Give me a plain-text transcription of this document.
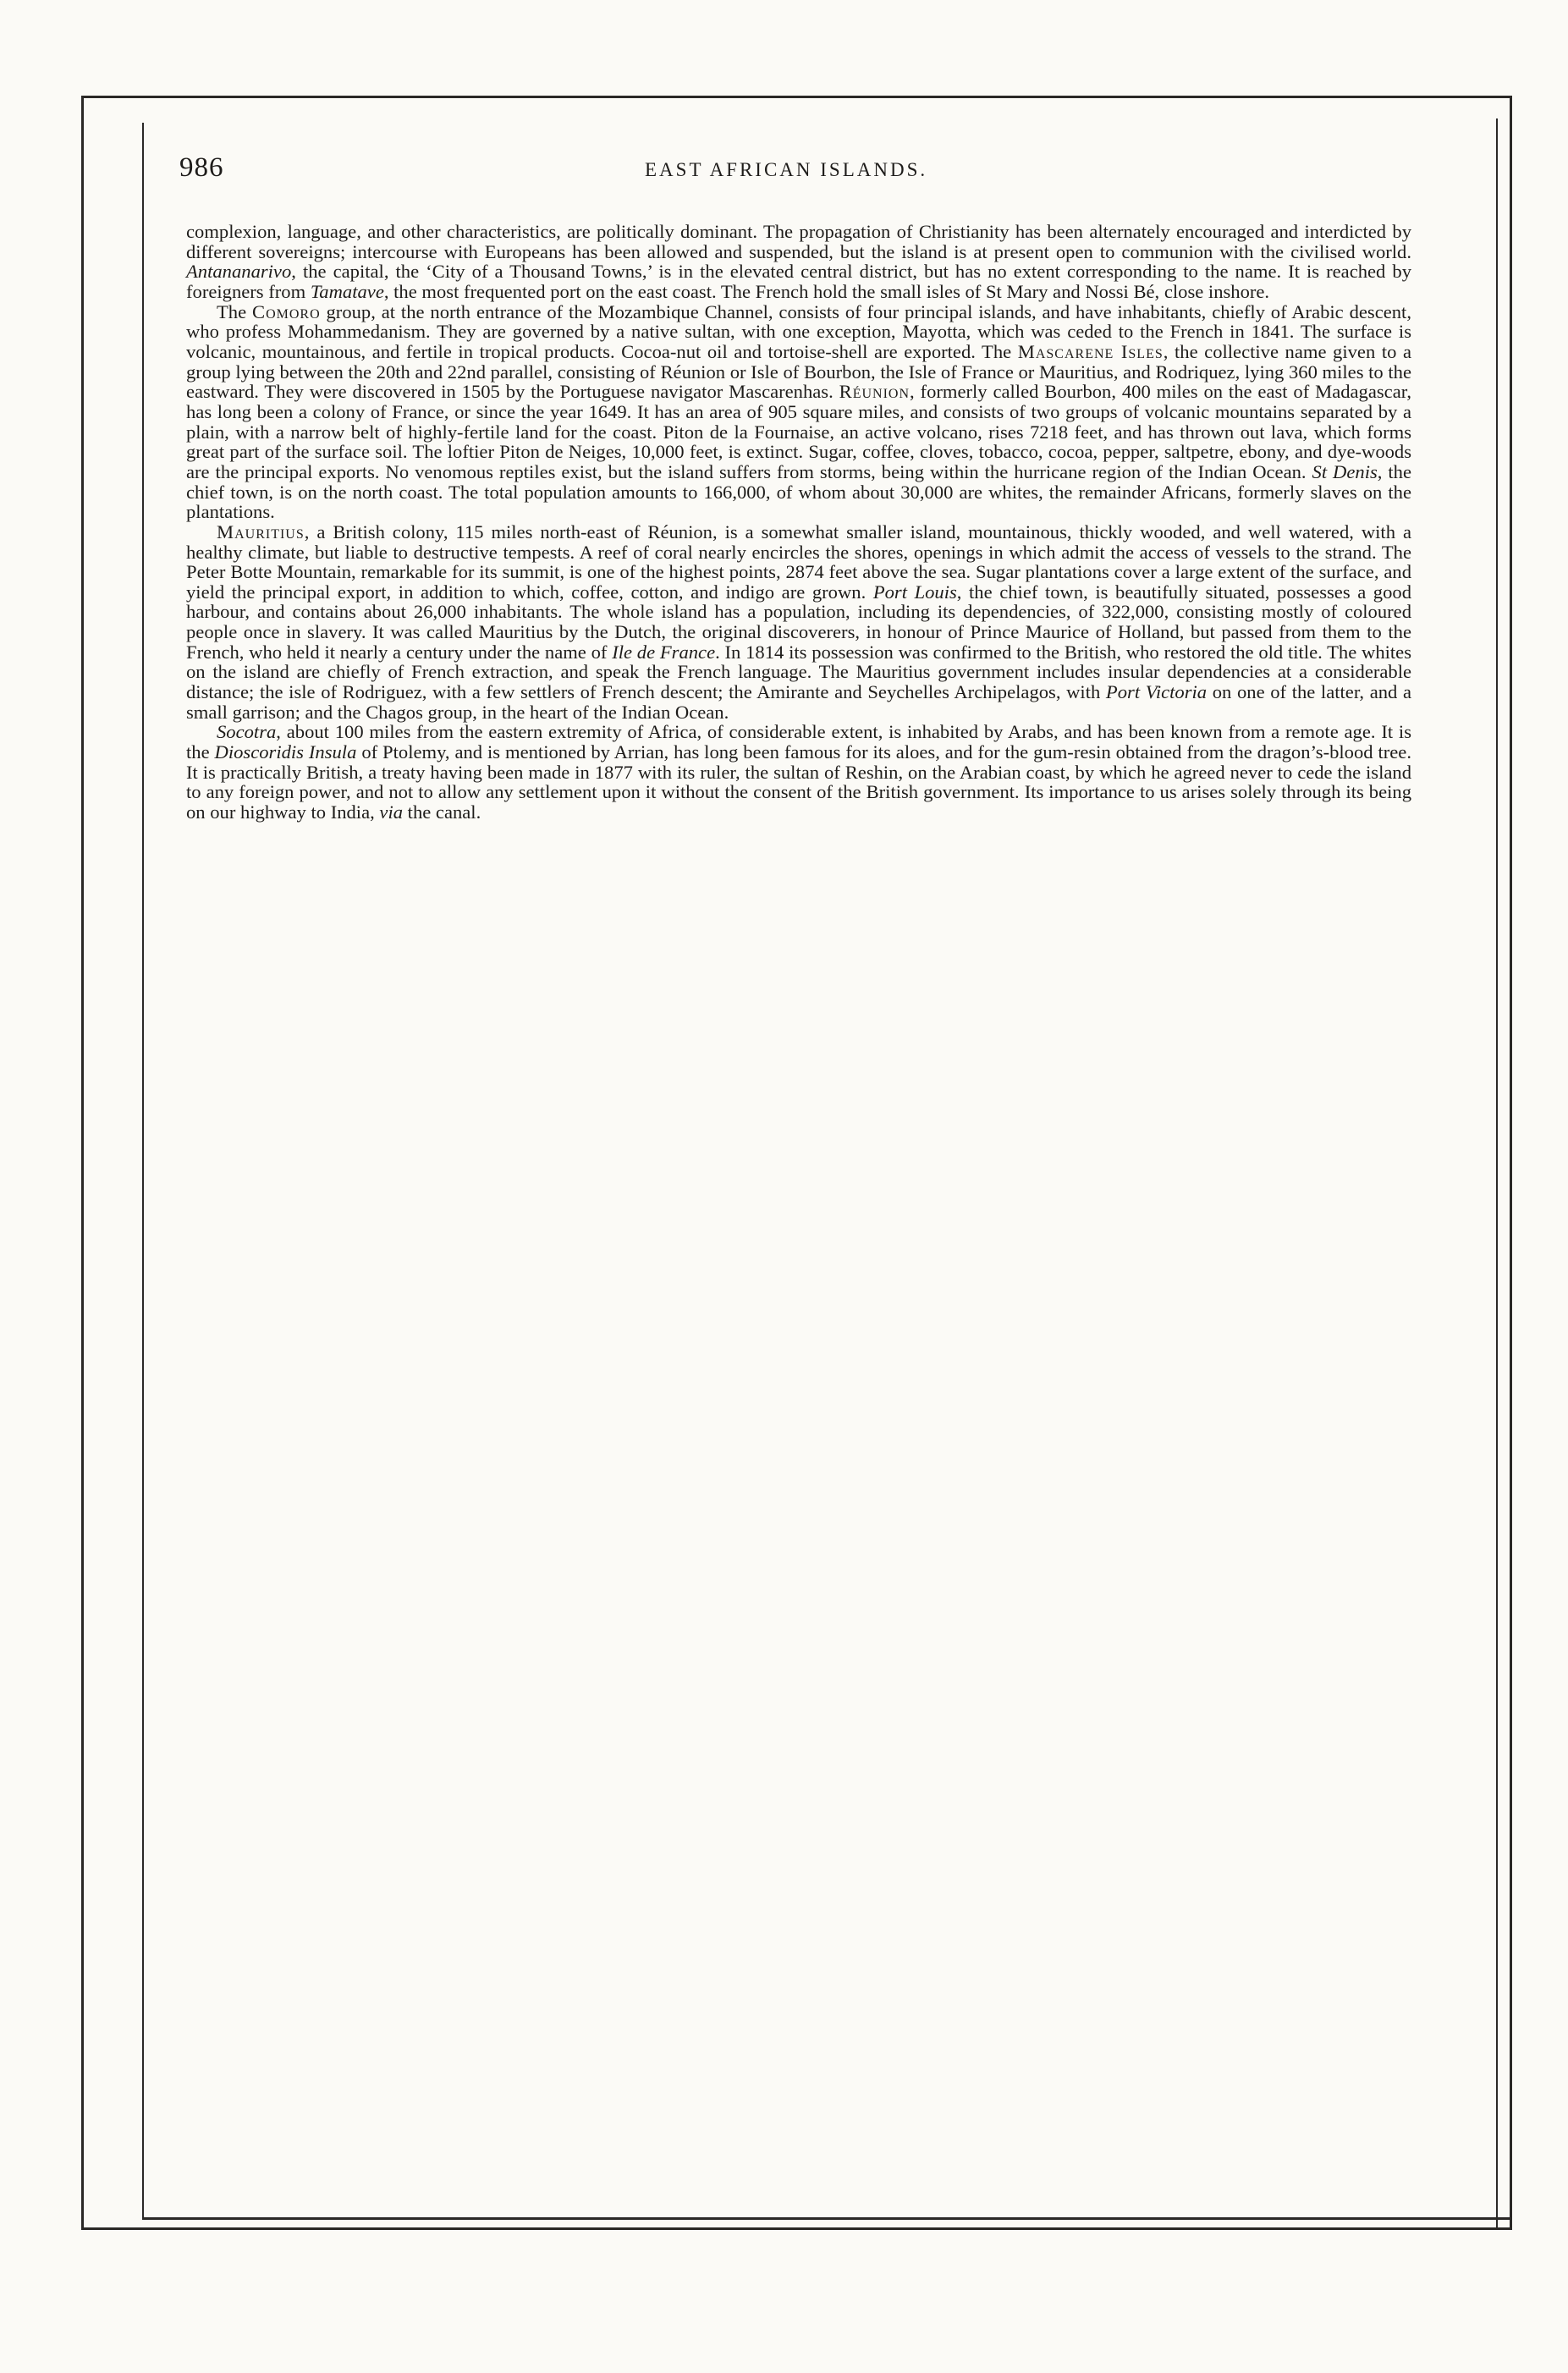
986	EAST AFRICAN ISLANDS.

complexion, language, and other characteristics, are politically dominant. The propagation of Christianity has been alternately encouraged and interdicted by different sovereigns; intercourse with Europeans has been allowed and suspended, but the island is at present open to communion with the civilised world. Antananarivo, the capital, the ‘City of a Thousand Towns,’ is in the elevated central district, but has no extent corresponding to the name. It is reached by foreigners from Tamatave, the most frequented port on the east coast. The French hold the small isles of St Mary and Nossi Bé, close inshore.

The Comoro group, at the north entrance of the Mozambique Channel, consists of four principal islands, and have inhabitants, chiefly of Arabic descent, who profess Mohammedanism. They are governed by a native sultan, with one exception, Mayotta, which was ceded to the French in 1841. The surface is volcanic, mountainous, and fertile in tropical products. Cocoa-nut oil and tortoise-shell are exported. The Mascarene Isles, the collective name given to a group lying between the 20th and 22nd parallel, consisting of Réunion or Isle of Bourbon, the Isle of France or Mauritius, and Rodriquez, lying 360 miles to the eastward. They were discovered in 1505 by the Portuguese navigator Mascarenhas. Réunion, formerly called Bourbon, 400 miles on the east of Madagascar, has long been a colony of France, or since the year 1649. It has an area of 905 square miles, and consists of two groups of volcanic mountains separated by a plain, with a narrow belt of highly-fertile land for the coast. Piton de la Fournaise, an active volcano, rises 7218 feet, and has thrown out lava, which forms great part of the surface soil. The loftier Piton de Neiges, 10,000 feet, is extinct. Sugar, coffee, cloves, tobacco, cocoa, pepper, saltpetre, ebony, and dye-woods are the principal exports. No venomous reptiles exist, but the island suffers from storms, being within the hurricane region of the Indian Ocean. St Denis, the chief town, is on the north coast. The total population amounts to 166,000, of whom about 30,000 are whites, the remainder Africans, formerly slaves on the plantations.

Mauritius, a British colony, 115 miles north-east of Réunion, is a somewhat smaller island, mountainous, thickly wooded, and well watered, with a healthy climate, but liable to destructive tempests. A reef of coral nearly encircles the shores, openings in which admit the access of vessels to the strand. The Peter Botte Mountain, remarkable for its summit, is one of the highest points, 2874 feet above the sea. Sugar plantations cover a large extent of the surface, and yield the principal export, in addition to which, coffee, cotton, and indigo are grown. Port Louis, the chief town, is beautifully situated, possesses a good harbour, and contains about 26,000 inhabitants. The whole island has a population, including its dependencies, of 322,000, consisting mostly of coloured people once in slavery. It was called Mauritius by the Dutch, the original discoverers, in honour of Prince Maurice of Holland, but passed from them to the French, who held it nearly a century under the name of Ile de France. In 1814 its possession was confirmed to the British, who restored the old title. The whites on the island are chiefly of French extraction, and speak the French language. The Mauritius government includes insular dependencies at a considerable distance; the isle of Rodriguez, with a few settlers of French descent; the Amirante and Seychelles Archipelagos, with Port Victoria on one of the latter, and a small garrison; and the Chagos group, in the heart of the Indian Ocean.

Socotra, about 100 miles from the eastern extremity of Africa, of considerable extent, is inhabited by Arabs, and has been known from a remote age. It is the Dioscoridis Insula of Ptolemy, and is mentioned by Arrian, has long been famous for its aloes, and for the gum-resin obtained from the dragon’s-blood tree. It is practically British, a treaty having been made in 1877 with its ruler, the sultan of Reshin, on the Arabian coast, by which he agreed never to cede the island to any foreign power, and not to allow any settlement upon it without the consent of the British government. Its importance to us arises solely through its being on our highway to India, via the canal.
